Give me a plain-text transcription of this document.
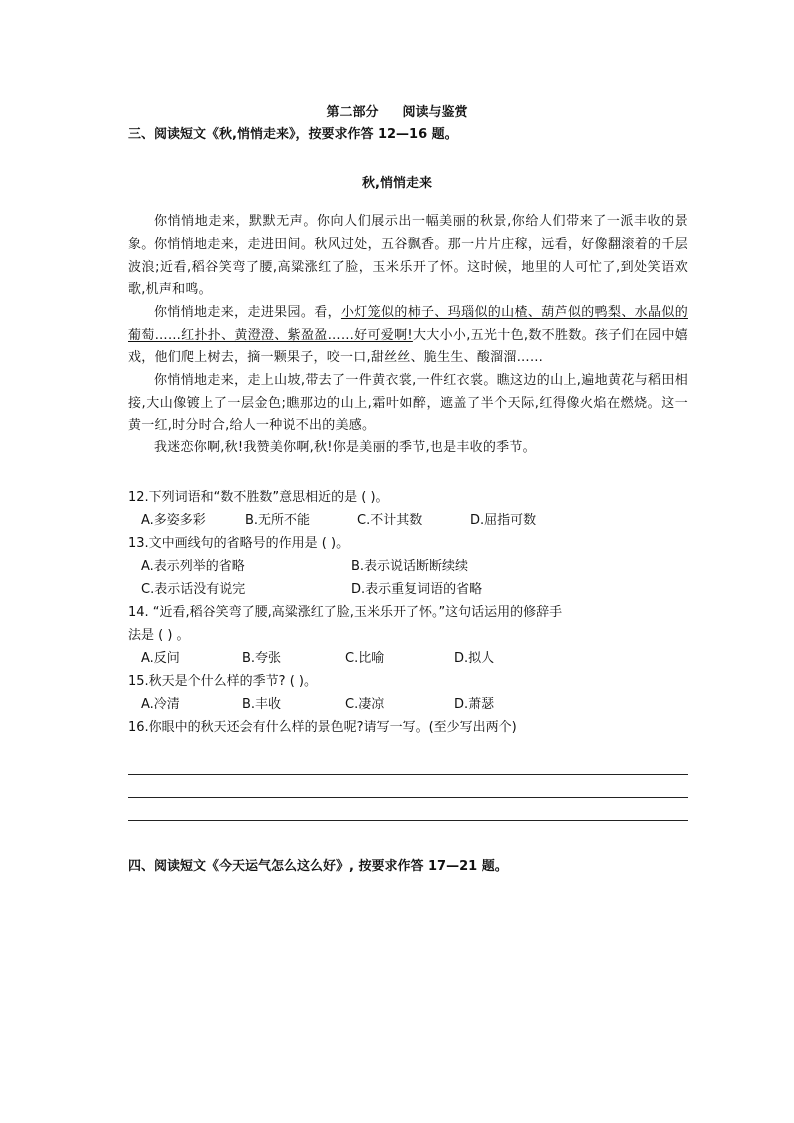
第二部分 阅读与鉴赏
三、阅读短文《秋,悄悄走来》，按要求作答 12—16 题。
秋,悄悄走来
你悄悄地走来，默默无声。你向人们展示出一幅美丽的秋景,你给人们带来了一派丰收的景象。 你悄悄地走来，走进田间。秋风过处，五谷飘香。那一片片庄稼，远看，好像翻滚着的千层波浪;近看,稻谷笑弯了腰,高粱涨红了脸，玉米乐开了怀。这时候，地里的人可忙了,到处笑语欢歌,机声和鸣。
你悄悄地走来，走进果园。看，小灯笼似的柿子、玛瑙似的山楂、葫芦似的鸭梨、水晶似的葡萄……红扑扑、黄澄澄、紫盈盈……好可爱啊!大大小小,五光十色,数不胜数。孩子们在园中嬉戏，他们爬上树去，摘一颗果子，咬一口,甜丝丝、脆生生、酸溜溜……
你悄悄地走来，走上山坡,带去了一件黄衣裳,一件红衣裳。瞧这边的山上,遍地黄花与稻田相接,大山像镀上了一层金色;瞧那边的山上,霜叶如醉，遮盖了半个天际,红得像火焰在燃烧。这一黄一红,时分时合,给人一种说不出的美感。
我迷恋你啊,秋!我赞美你啊,秋!你是美丽的季节,也是丰收的季节。
12.下列词语和“数不胜数”意思相近的是 ( )。
A.多姿多彩	B.无所不能	C.不计其数	D.屈指可数
13.文中画线句的省略号的作用是 ( )。
A.表示列举的省略	B.表示说话断断续续
C.表示话没有说完	D.表示重复词语的省略
14. “近看,稻谷笑弯了腰,高粱涨红了脸,玉米乐开了怀。”这句话运用的修辞手
法是 ( ) 。
A.反问	B.夸张	C.比喻	D.拟人
15.秋天是个什么样的季节? ( )。
A.冷清	B.丰收	C.凄凉	D.萧瑟
16.你眼中的秋天还会有什么样的景色呢?请写一写。(至少写出两个)
四、阅读短文《今天运气怎么这么好》, 按要求作答 17—21 题。
